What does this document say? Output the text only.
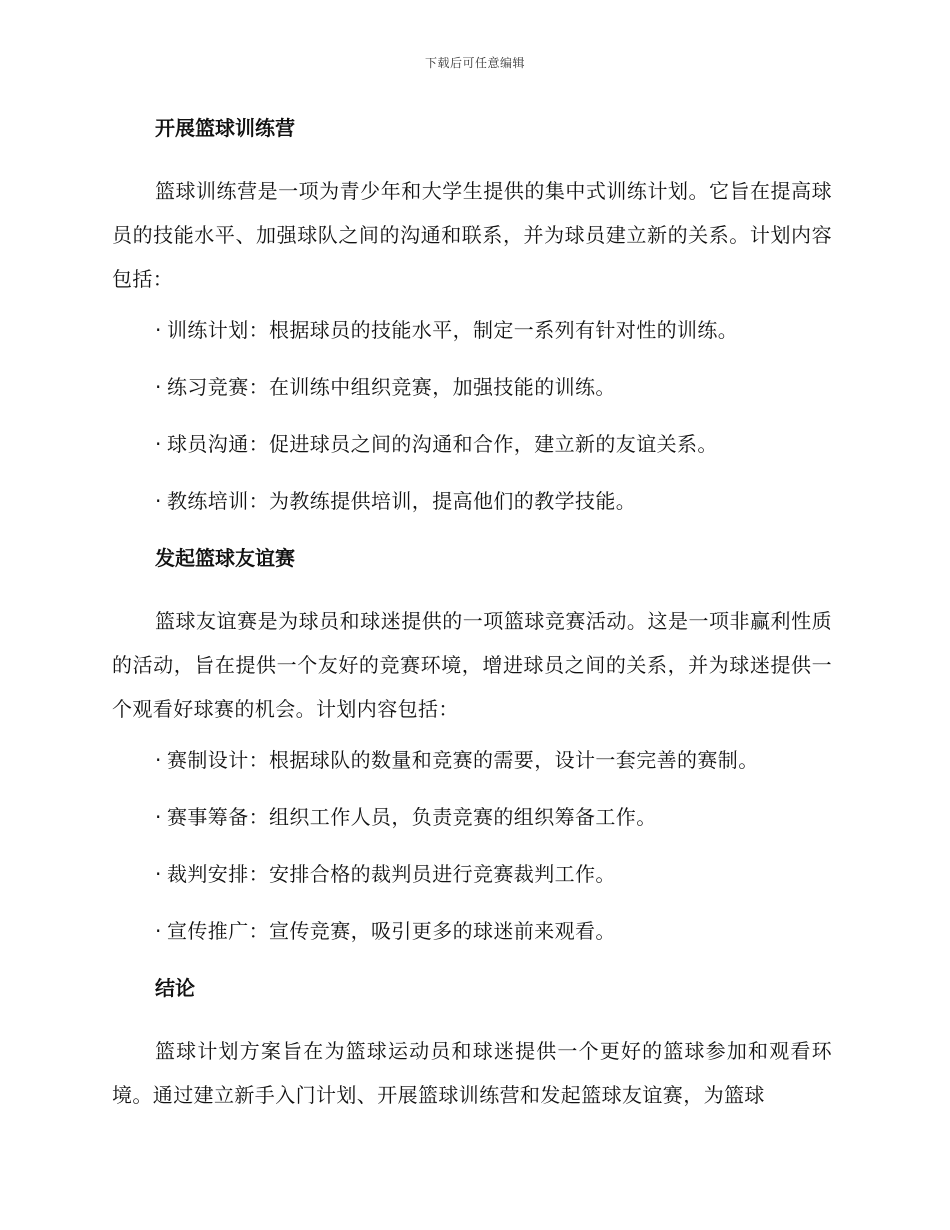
下载后可任意编辑
开展篮球训练营

篮球训练营是一项为青少年和大学生提供的集中式训练计划。它旨在提高球员的技能水平、加强球队之间的沟通和联系，并为球员建立新的关系。计划内容包括：

· 训练计划：根据球员的技能水平，制定一系列有针对性的训练。
· 练习竞赛：在训练中组织竞赛，加强技能的训练。
· 球员沟通：促进球员之间的沟通和合作，建立新的友谊关系。
· 教练培训：为教练提供培训，提高他们的教学技能。
发起篮球友谊赛

篮球友谊赛是为球员和球迷提供的一项篮球竞赛活动。这是一项非赢利性质的活动，旨在提供一个友好的竞赛环境，增进球员之间的关系，并为球迷提供一个观看好球赛的机会。计划内容包括：

· 赛制设计：根据球队的数量和竞赛的需要，设计一套完善的赛制。
· 赛事筹备：组织工作人员，负责竞赛的组织筹备工作。
· 裁判安排：安排合格的裁判员进行竞赛裁判工作。
· 宣传推广：宣传竞赛，吸引更多的球迷前来观看。
结论

篮球计划方案旨在为篮球运动员和球迷提供一个更好的篮球参加和观看环境。通过建立新手入门计划、开展篮球训练营和发起篮球友谊赛，为篮球
